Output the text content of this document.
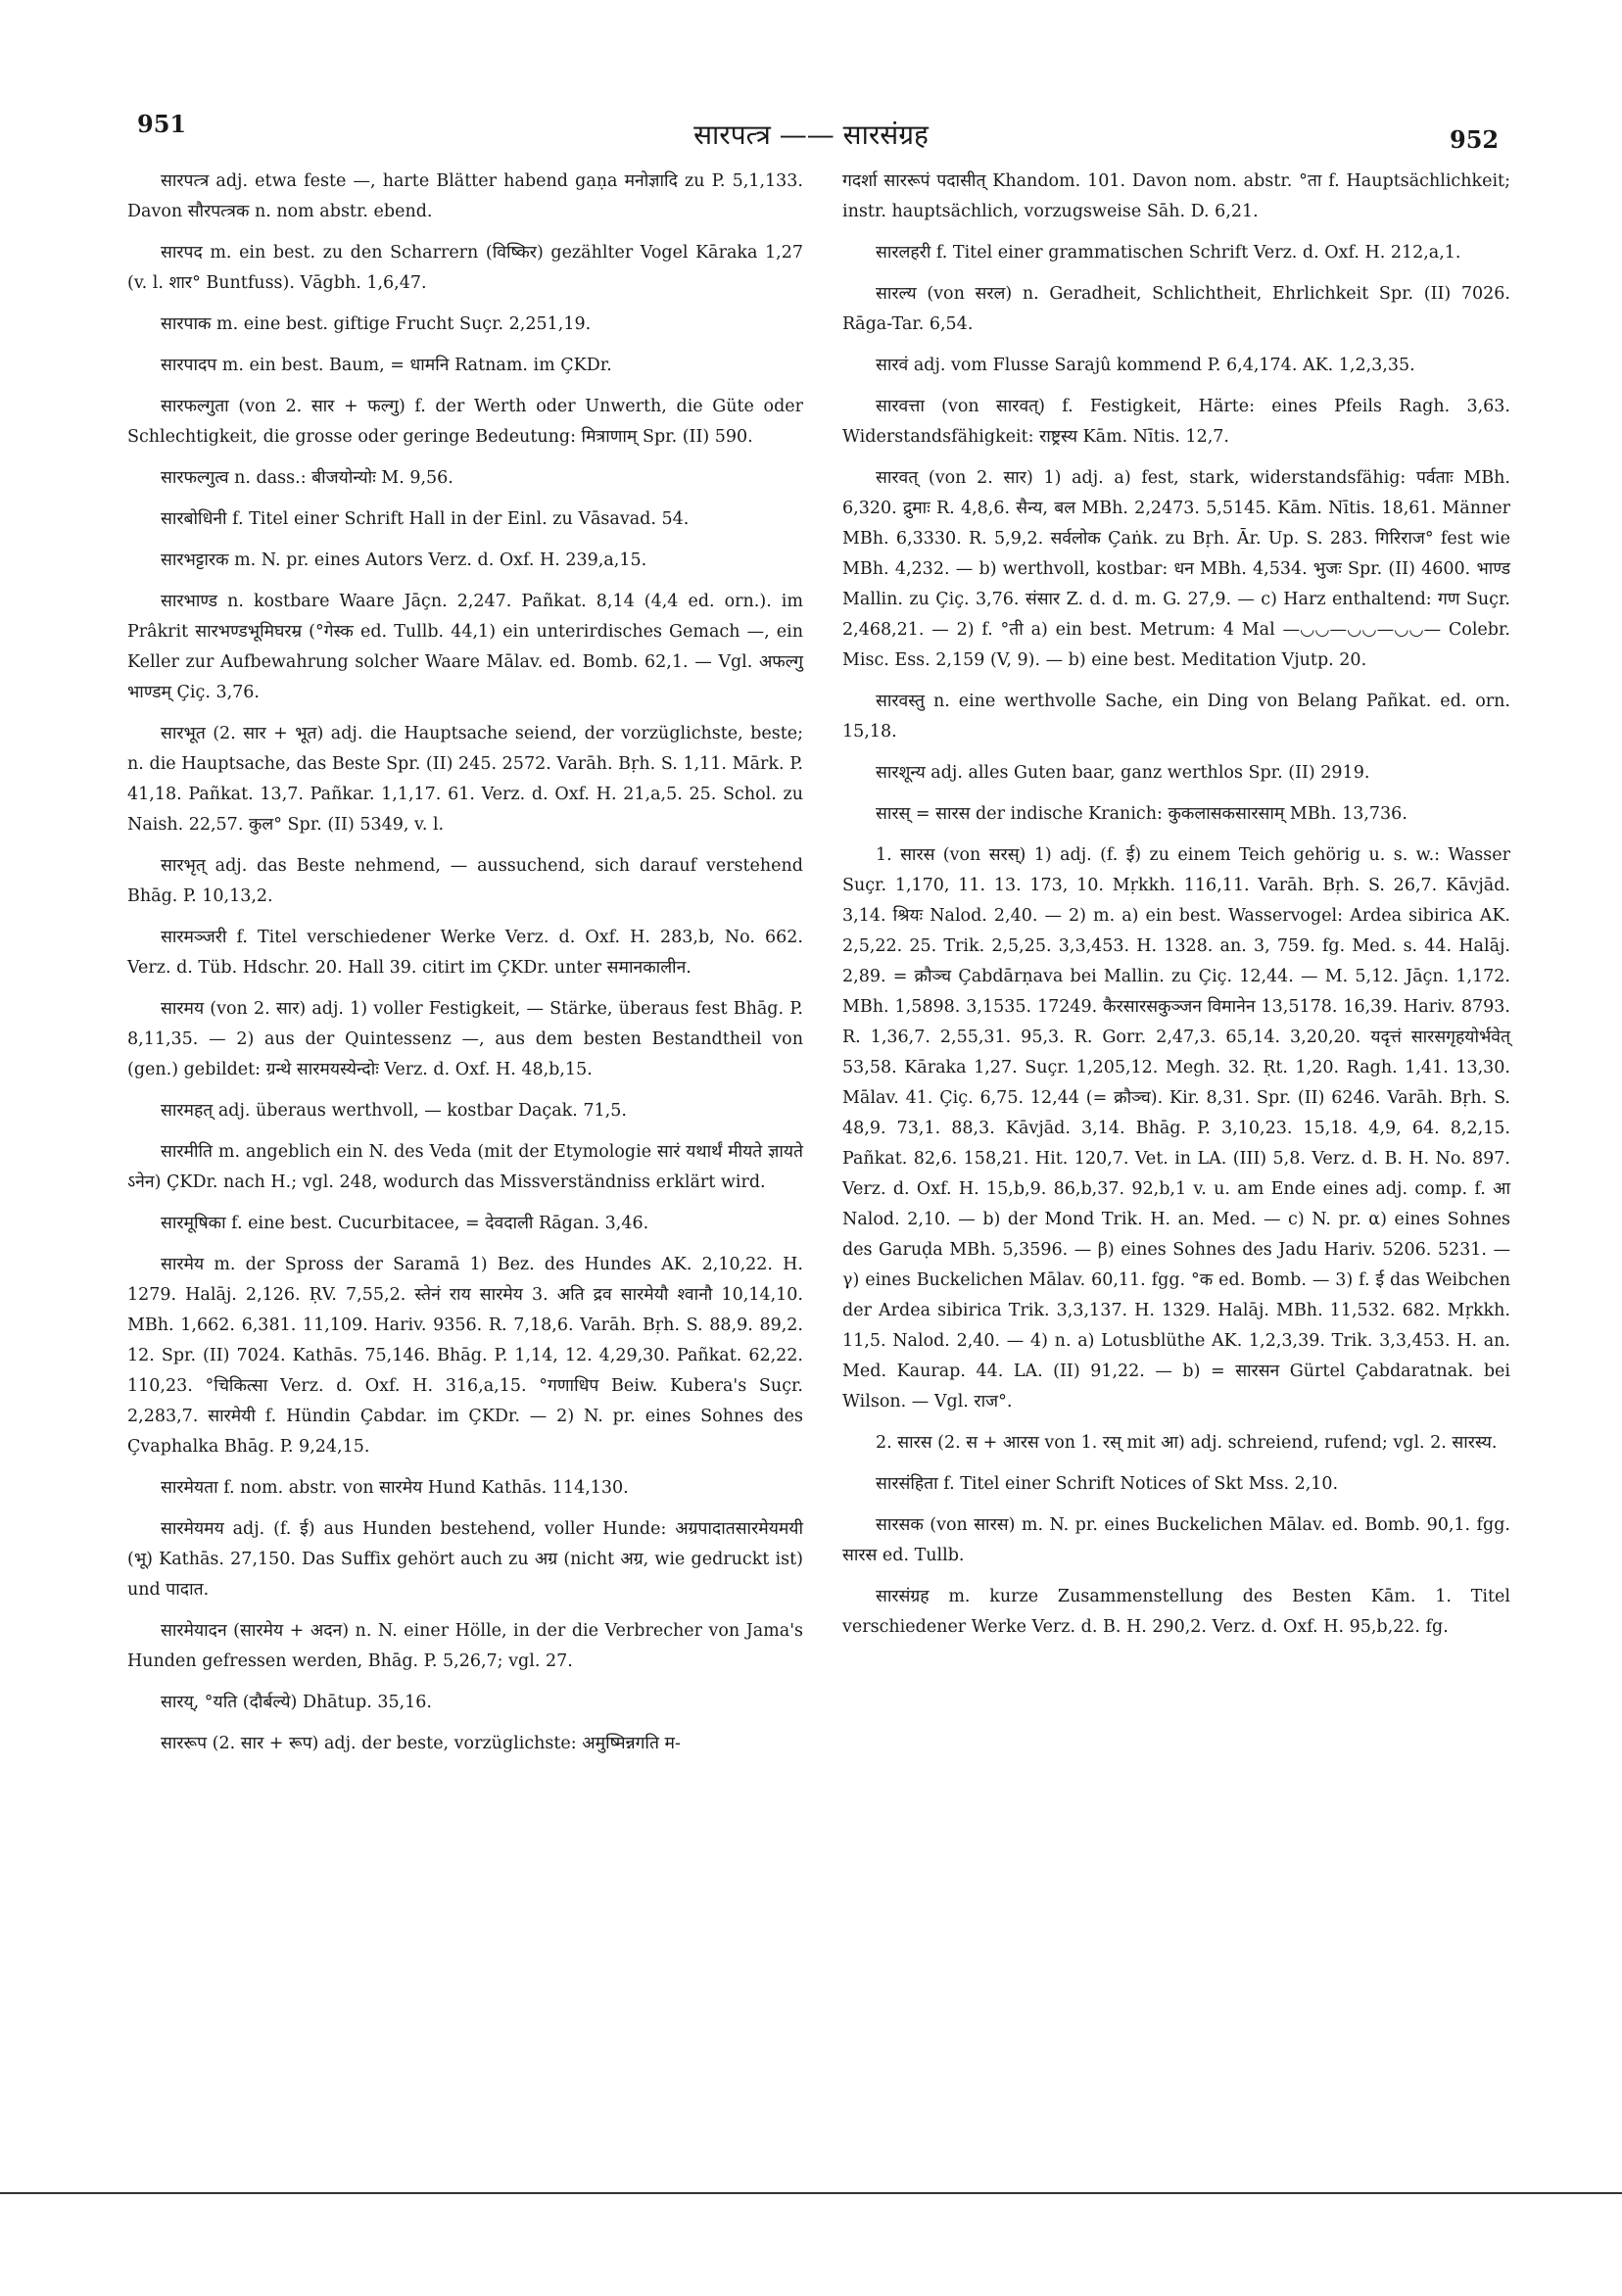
951	सारपत्त्र —— सारसंग्रह	952

सारपत्त्र adj. etwa feste —, harte Blätter habend gaṇa मनोज्ञादि zu P. 5,1,133. Davon सौरपत्त्रक n. nom abstr. ebend.

सारपद m. ein best. zu den Scharrern (विष्किर) gezählter Vogel Kāraka 1,27 (v. l. शार° Buntfuss). Vāgbh. 1,6,47.

सारपाक m. eine best. giftige Frucht Suçr. 2,251,19.

सारपादप m. ein best. Baum, = धामनि Ratnam. im ÇKDr.

सारफल्गुता (von 2. सार + फल्गु) f. der Werth oder Unwerth, die Güte oder Schlechtigkeit, die grosse oder geringe Bedeutung: मित्राणाम् Spr. (II) 590.

सारफल्गुत्व n. dass.: बीजयोन्योः M. 9,56.

सारबोधिनी f. Titel einer Schrift Hall in der Einl. zu Vāsavad. 54.

सारभट्टारक m. N. pr. eines Autors Verz. d. Oxf. H. 239,a,15.

सारभाण्ड n. kostbare Waare Jāçn. 2,247. Pañkat. 8,14 (4,4 ed. orn.). im Prâkrit सारभण्डभूमिघरम्र (°गेस्क ed. Tullb. 44,1) ein unterirdisches Gemach —, ein Keller zur Aufbewahrung solcher Waare Mālav. ed. Bomb. 62,1. — Vgl. अफल्गु भाण्डम् Çiç. 3,76.

सारभूत (2. सार + भूत) adj. die Hauptsache seiend, der vorzüglichste, beste; n. die Hauptsache, das Beste Spr. (II) 245. 2572. Varāh. Bṛh. S. 1,11. Mārk. P. 41,18. Pañkat. 13,7. Pañkar. 1,1,17. 61. Verz. d. Oxf. H. 21,a,5. 25. Schol. zu Naish. 22,57. कुल° Spr. (II) 5349, v. l.

सारभृत् adj. das Beste nehmend, — aussuchend, sich darauf verstehend Bhāg. P. 10,13,2.

सारमञ्जरी f. Titel verschiedener Werke Verz. d. Oxf. H. 283,b, No. 662. Verz. d. Tüb. Hdschr. 20. Hall 39. citirt im ÇKDr. unter समानकालीन.

सारमय (von 2. सार) adj. 1) voller Festigkeit, — Stärke, überaus fest Bhāg. P. 8,11,35. — 2) aus der Quintessenz —, aus dem besten Bestandtheil von (gen.) gebildet: ग्रन्थे सारमयस्येन्दोः Verz. d. Oxf. H. 48,b,15.

सारमहत् adj. überaus werthvoll, — kostbar Daçak. 71,5.

सारमीति m. angeblich ein N. des Veda (mit der Etymologie सारं यथार्थं मीयते ज्ञायते ऽनेन) ÇKDr. nach H.; vgl. 248, wodurch das Missverständniss erklärt wird.

सारमूषिका f. eine best. Cucurbitacee, = देवदाली Rāgan. 3,46.

सारमेय m. der Spross der Saramā 1) Bez. des Hundes AK. 2,10,22. H. 1279. Halāj. 2,126. ṚV. 7,55,2. स्तेनं राय सारमेय 3. अति द्रव सारमेयौ श्वानौ 10,14,10. MBh. 1,662. 6,381. 11,109. Hariv. 9356. R. 7,18,6. Varāh. Bṛh. S. 88,9. 89,2. 12. Spr. (II) 7024. Kathās. 75,146. Bhāg. P. 1,14, 12. 4,29,30. Pañkat. 62,22. 110,23. °चिकित्सा Verz. d. Oxf. H. 316,a,15. °गणाधिप Beiw. Kubera's Suçr. 2,283,7. सारमेयी f. Hündin Çabdar. im ÇKDr. — 2) N. pr. eines Sohnes des Çvaphalka Bhāg. P. 9,24,15.

सारमेयता f. nom. abstr. von सारमेय Hund Kathās. 114,130.

सारमेयमय adj. (f. ई) aus Hunden bestehend, voller Hunde: अग्रपादातसारमेयमयी (भू) Kathās. 27,150. Das Suffix gehört auch zu अग्र (nicht अग्र, wie gedruckt ist) und पादात.

सारमेयादन (सारमेय + अदन) n. N. einer Hölle, in der die Verbrecher von Jama's Hunden gefressen werden, Bhāg. P. 5,26,7; vgl. 27.

सारय्, °यति (दौर्बल्ये) Dhātup. 35,16.

साररूप (2. सार + रूप) adj. der beste, vorzüglichste: अमुष्मिन्नगति म-

गदर्शा साररूपं पदासीत् Khandom. 101. Davon nom. abstr. °ता f. Hauptsächlichkeit; instr. hauptsächlich, vorzugsweise Sāh. D. 6,21.

सारलहरी f. Titel einer grammatischen Schrift Verz. d. Oxf. H. 212,a,1.

सारल्य (von सरल) n. Geradheit, Schlichtheit, Ehrlichkeit Spr. (II) 7026. Rāga-Tar. 6,54.

सारवं adj. vom Flusse Sarajû kommend P. 6,4,174. AK. 1,2,3,35.

सारवत्ता (von सारवत्) f. Festigkeit, Härte: eines Pfeils Ragh. 3,63. Widerstandsfähigkeit: राष्ट्रस्य Kām. Nītis. 12,7.

सारवत् (von 2. सार) 1) adj. a) fest, stark, widerstandsfähig: पर्वताः MBh. 6,320. द्रुमाः R. 4,8,6. सैन्य, बल MBh. 2,2473. 5,5145. Kām. Nītis. 18,61. Männer MBh. 6,3330. R. 5,9,2. सर्वलोक Çaṅk. zu Bṛh. Ār. Up. S. 283. गिरिराज° fest wie MBh. 4,232. — b) werthvoll, kostbar: धन MBh. 4,534. भुजः Spr. (II) 4600. भाण्ड Mallin. zu Çiç. 3,76. संसार Z. d. d. m. G. 27,9. — c) Harz enthaltend: गण Suçr. 2,468,21. — 2) f. °ती a) ein best. Metrum: 4 Mal —◡◡—◡◡—◡◡— Colebr. Misc. Ess. 2,159 (V, 9). — b) eine best. Meditation Vjutp. 20.

सारवस्तु n. eine werthvolle Sache, ein Ding von Belang Pañkat. ed. orn. 15,18.

सारशून्य adj. alles Guten baar, ganz werthlos Spr. (II) 2919.

सारस् = सारस der indische Kranich: कुकलासकसारसाम् MBh. 13,736.

1. सारस (von सरस्) 1) adj. (f. ई) zu einem Teich gehörig u. s. w.: Wasser Suçr. 1,170, 11. 13. 173, 10. Mṛkkh. 116,11. Varāh. Bṛh. S. 26,7. Kāvjād. 3,14. श्रियः Nalod. 2,40. — 2) m. a) ein best. Wasservogel: Ardea sibirica AK. 2,5,22. 25. Trik. 2,5,25. 3,3,453. H. 1328. an. 3, 759. fg. Med. s. 44. Halāj. 2,89. = क्रौञ्च Çabdārṇava bei Mallin. zu Çiç. 12,44. — M. 5,12. Jāçn. 1,172. MBh. 1,5898. 3,1535. 17249. कैरसारसकुञ्जन विमानेन 13,5178. 16,39. Hariv. 8793. R. 1,36,7. 2,55,31. 95,3. R. Gorr. 2,47,3. 65,14. 3,20,20. यदृत्तं सारसगृहयोर्भवेत् 53,58. Kāraka 1,27. Suçr. 1,205,12. Megh. 32. Ṛt. 1,20. Ragh. 1,41. 13,30. Mālav. 41. Çiç. 6,75. 12,44 (= क्रौञ्च). Kir. 8,31. Spr. (II) 6246. Varāh. Bṛh. S. 48,9. 73,1. 88,3. Kāvjād. 3,14. Bhāg. P. 3,10,23. 15,18. 4,9, 64. 8,2,15. Pañkat. 82,6. 158,21. Hit. 120,7. Vet. in LA. (III) 5,8. Verz. d. B. H. No. 897. Verz. d. Oxf. H. 15,b,9. 86,b,37. 92,b,1 v. u. am Ende eines adj. comp. f. आ Nalod. 2,10. — b) der Mond Trik. H. an. Med. — c) N. pr. α) eines Sohnes des Garuḍa MBh. 5,3596. — β) eines Sohnes des Jadu Hariv. 5206. 5231. — γ) eines Buckelichen Mālav. 60,11. fgg. °क ed. Bomb. — 3) f. ई das Weibchen der Ardea sibirica Trik. 3,3,137. H. 1329. Halāj. MBh. 11,532. 682. Mṛkkh. 11,5. Nalod. 2,40. — 4) n. a) Lotusblüthe AK. 1,2,3,39. Trik. 3,3,453. H. an. Med. Kaurap. 44. LA. (II) 91,22. — b) = सारसन Gürtel Çabdaratnak. bei Wilson. — Vgl. राज°.

2. सारस (2. स + आरस von 1. रस् mit आ) adj. schreiend, rufend; vgl. 2. सारस्य.

सारसंहिता f. Titel einer Schrift Notices of Skt Mss. 2,10.

सारसक (von सारस) m. N. pr. eines Buckelichen Mālav. ed. Bomb. 90,1. fgg. सारस ed. Tullb.

सारसंग्रह m. kurze Zusammenstellung des Besten Kām. 1. Titel verschiedener Werke Verz. d. B. H. 290,2. Verz. d. Oxf. H. 95,b,22. fg.
